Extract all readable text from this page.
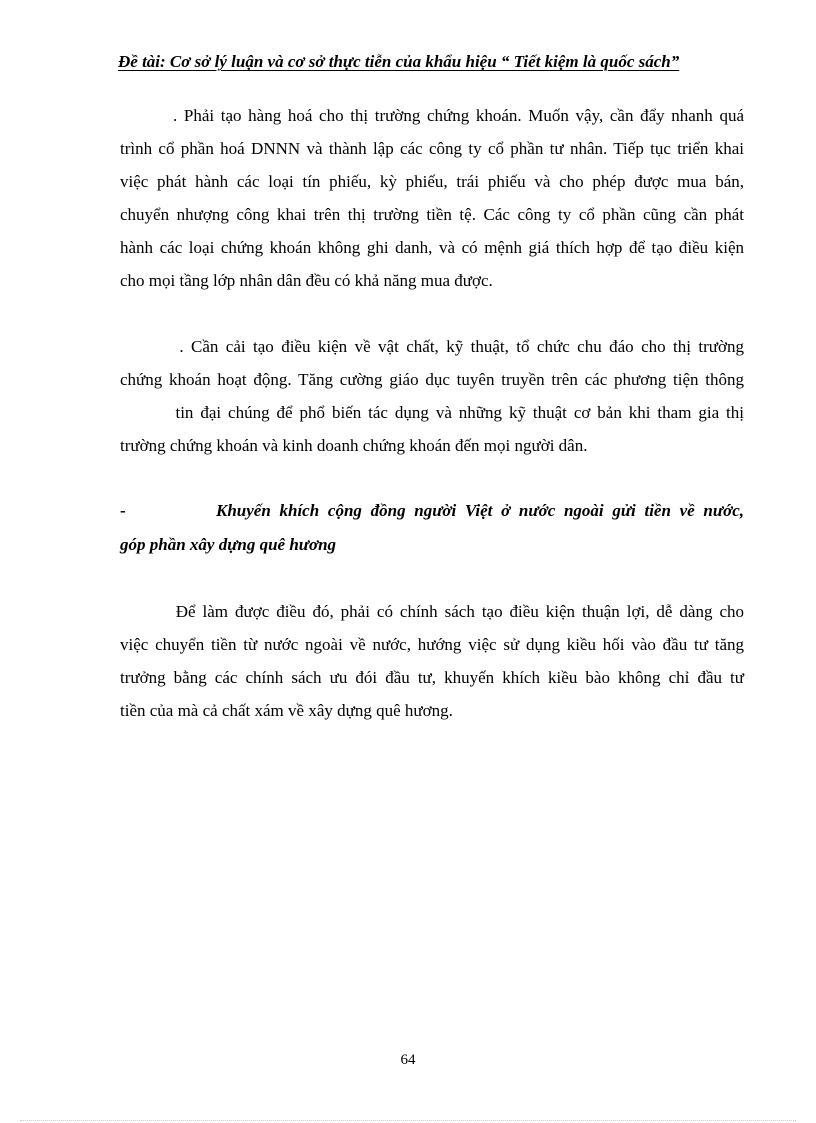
Đề tài: Cơ sở lý luận và cơ sở thực tiễn của khẩu hiệu “ Tiết kiệm là quốc sách”
. Phải tạo hàng hoá cho thị trường chứng khoán. Muốn vậy, cần đẩy nhanh quá
trình cổ phần hoá DNNN và thành lập các công ty cổ phần tư nhân. Tiếp tục triển khai
việc phát hành các loại tín phiếu, kỳ phiếu, trái phiếu và cho phép được mua bán,
chuyển nhượng công khai trên thị trường tiền tệ. Các công ty cổ phần cũng cần phát
hành các loại chứng khoán không ghi danh, và có mệnh giá thích hợp để tạo điều kiện
cho mọi tầng lớp nhân dân đều có khả năng mua được.
. Cần cải tạo điều kiện về vật chất, kỹ thuật, tổ chức chu đáo cho thị trường
chứng khoán hoạt động. Tăng cường giáo dục tuyên truyền trên các phương tiện thông
tin đại chúng để phổ biến tác dụng và những kỹ thuật cơ bản khi tham gia thị
trường chứng khoán và kinh doanh chứng khoán đến mọi người dân.
-	Khuyến khích cộng đồng người Việt ở nước ngoài gửi tiền về nước,
góp phần xây dựng quê hương
Để làm được điều đó, phải có chính sách tạo điều kiện thuận lợi, dễ dàng cho
việc chuyển tiền từ nước ngoài về nước, hướng việc sử dụng kiều hối vào đầu tư tăng
trưởng bằng các chính sách ưu đói đầu tư, khuyến khích kiều bào không chỉ đầu tư
tiền của mà cả chất xám về xây dựng quê hương.
64
